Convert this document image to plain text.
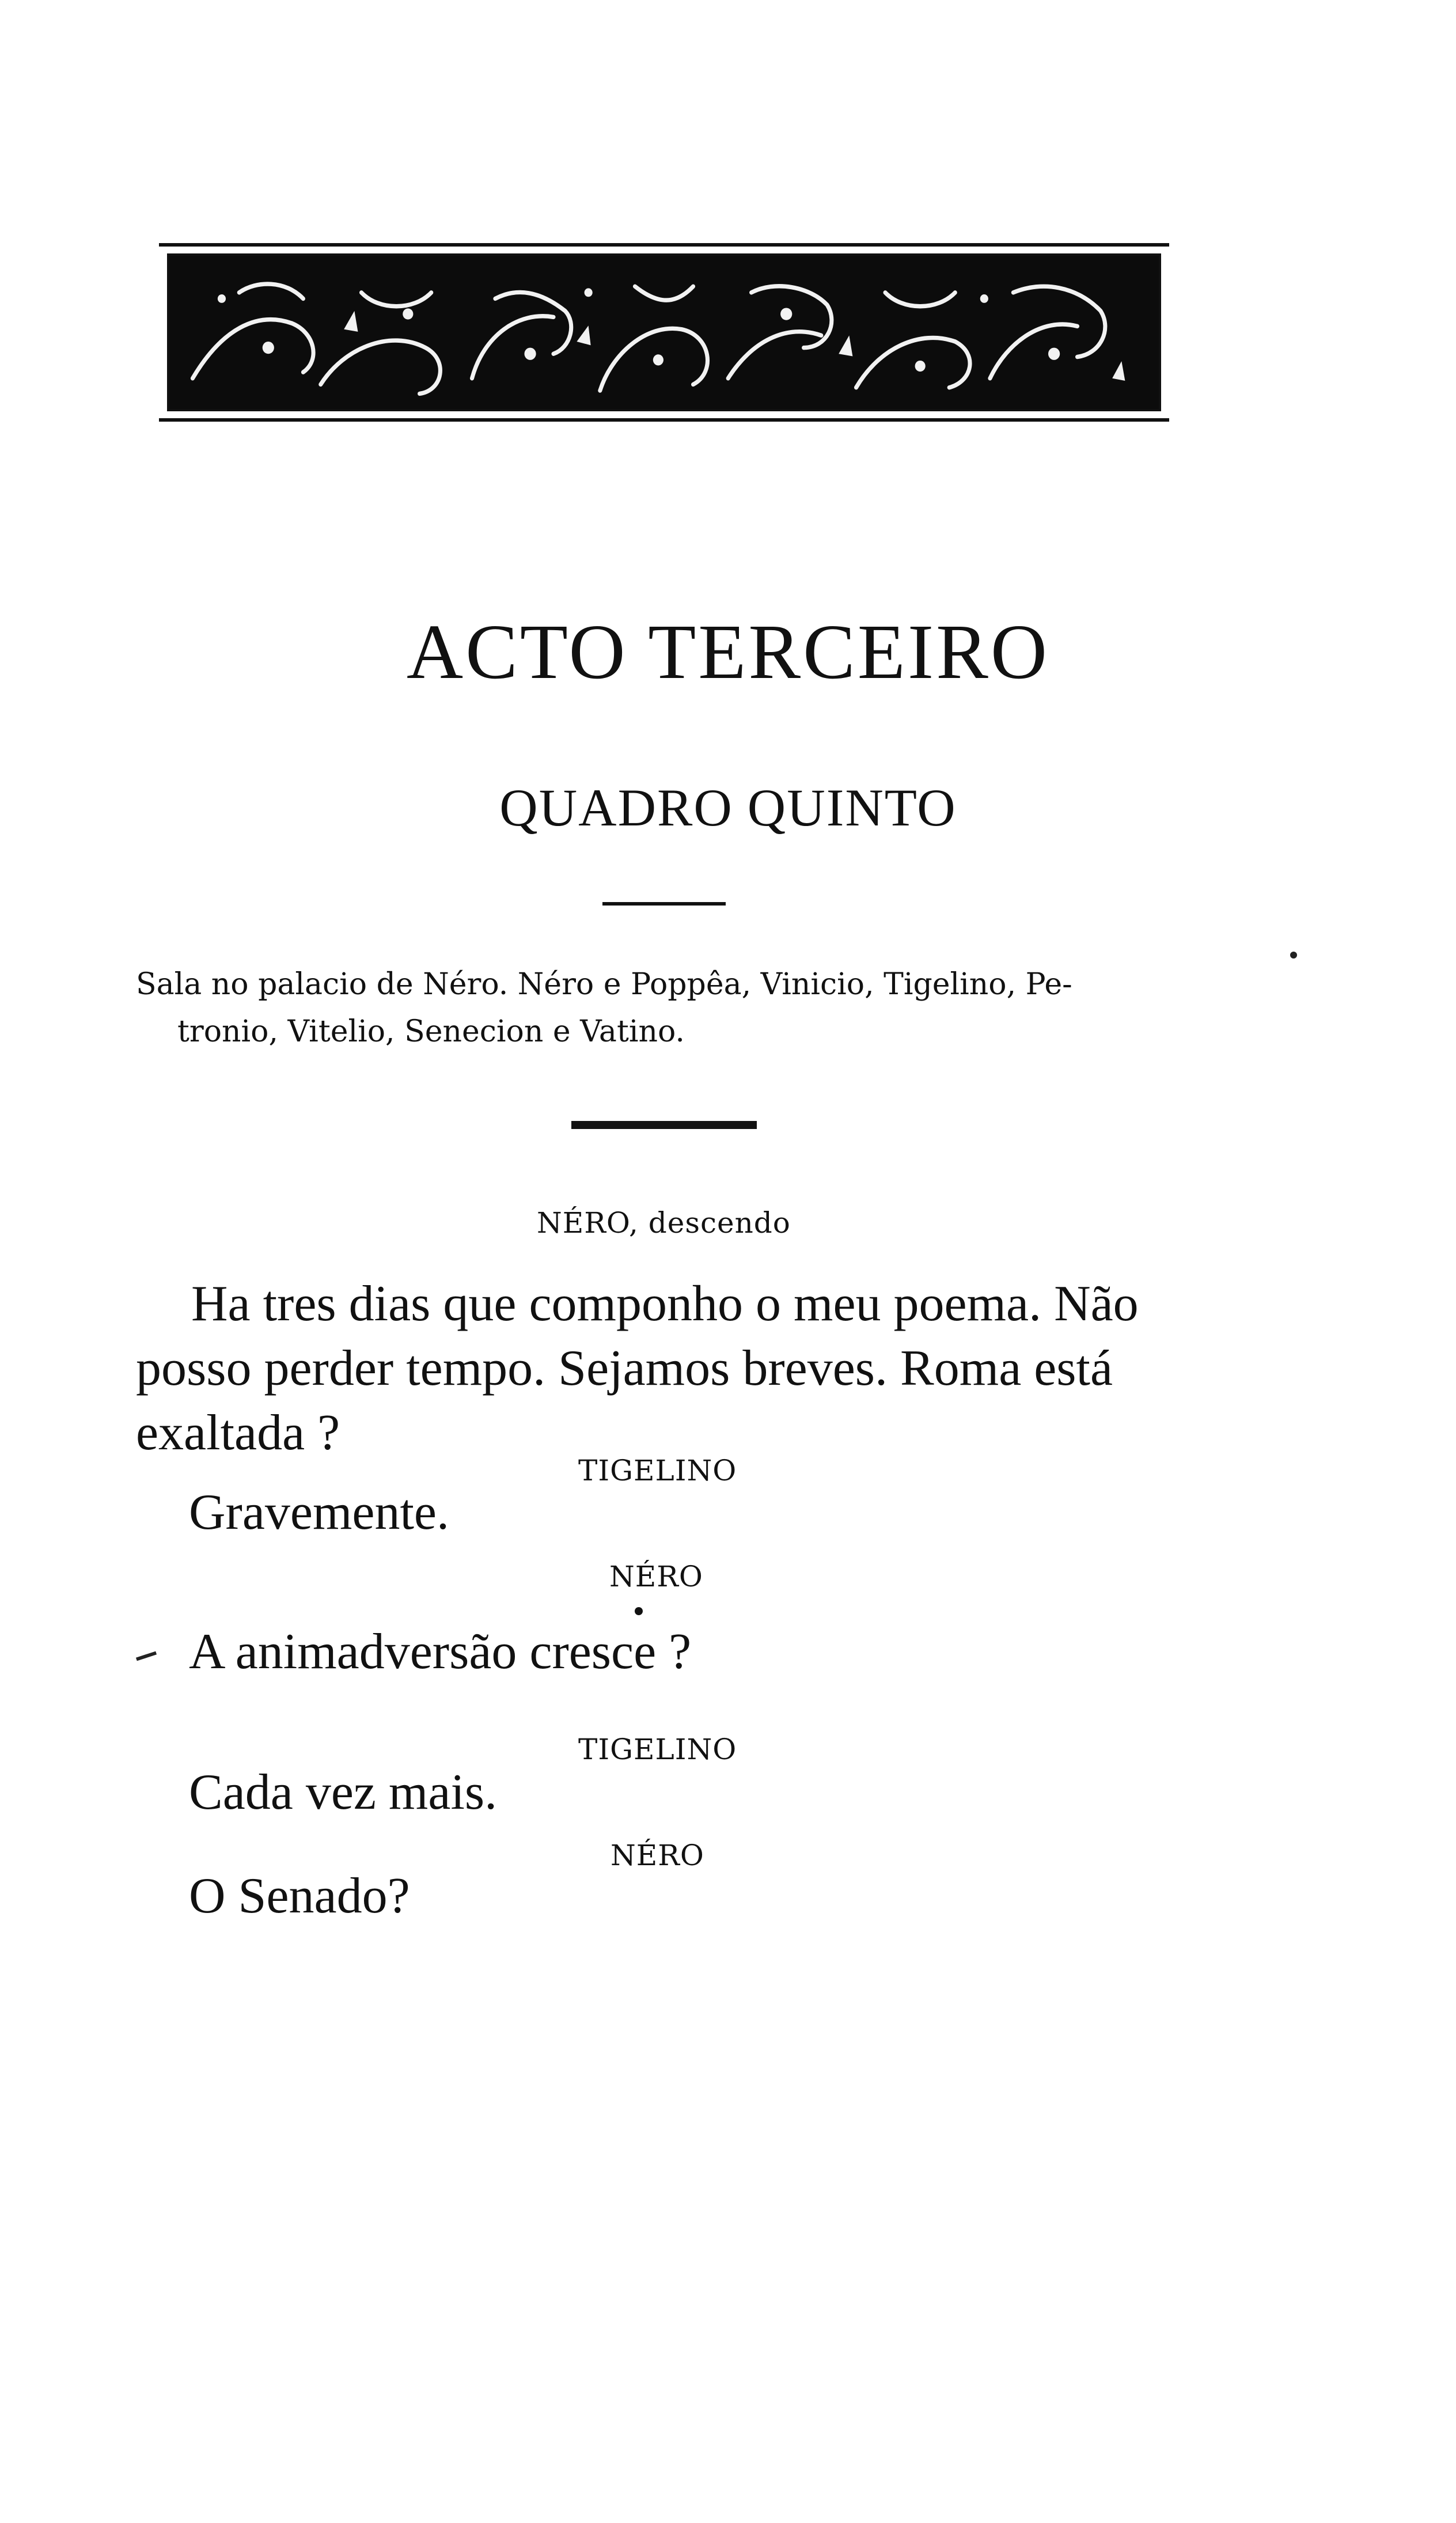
ACTO TERCEIRO
QUADRO QUINTO
Sala no palacio de Néro. Néro e Poppêa, Vinicio, Tigelino, Pe-
tronio, Vitelio, Senecion e Vatino.
NÉRO, descendo
Ha tres dias que componho o meu poema. Não
posso perder tempo. Sejamos breves. Roma está
exaltada ?
TIGELINO
Gravemente.
NÉRO
A animadversão cresce ?
TIGELINO
Cada vez mais.
NÉRO
O Senado?
